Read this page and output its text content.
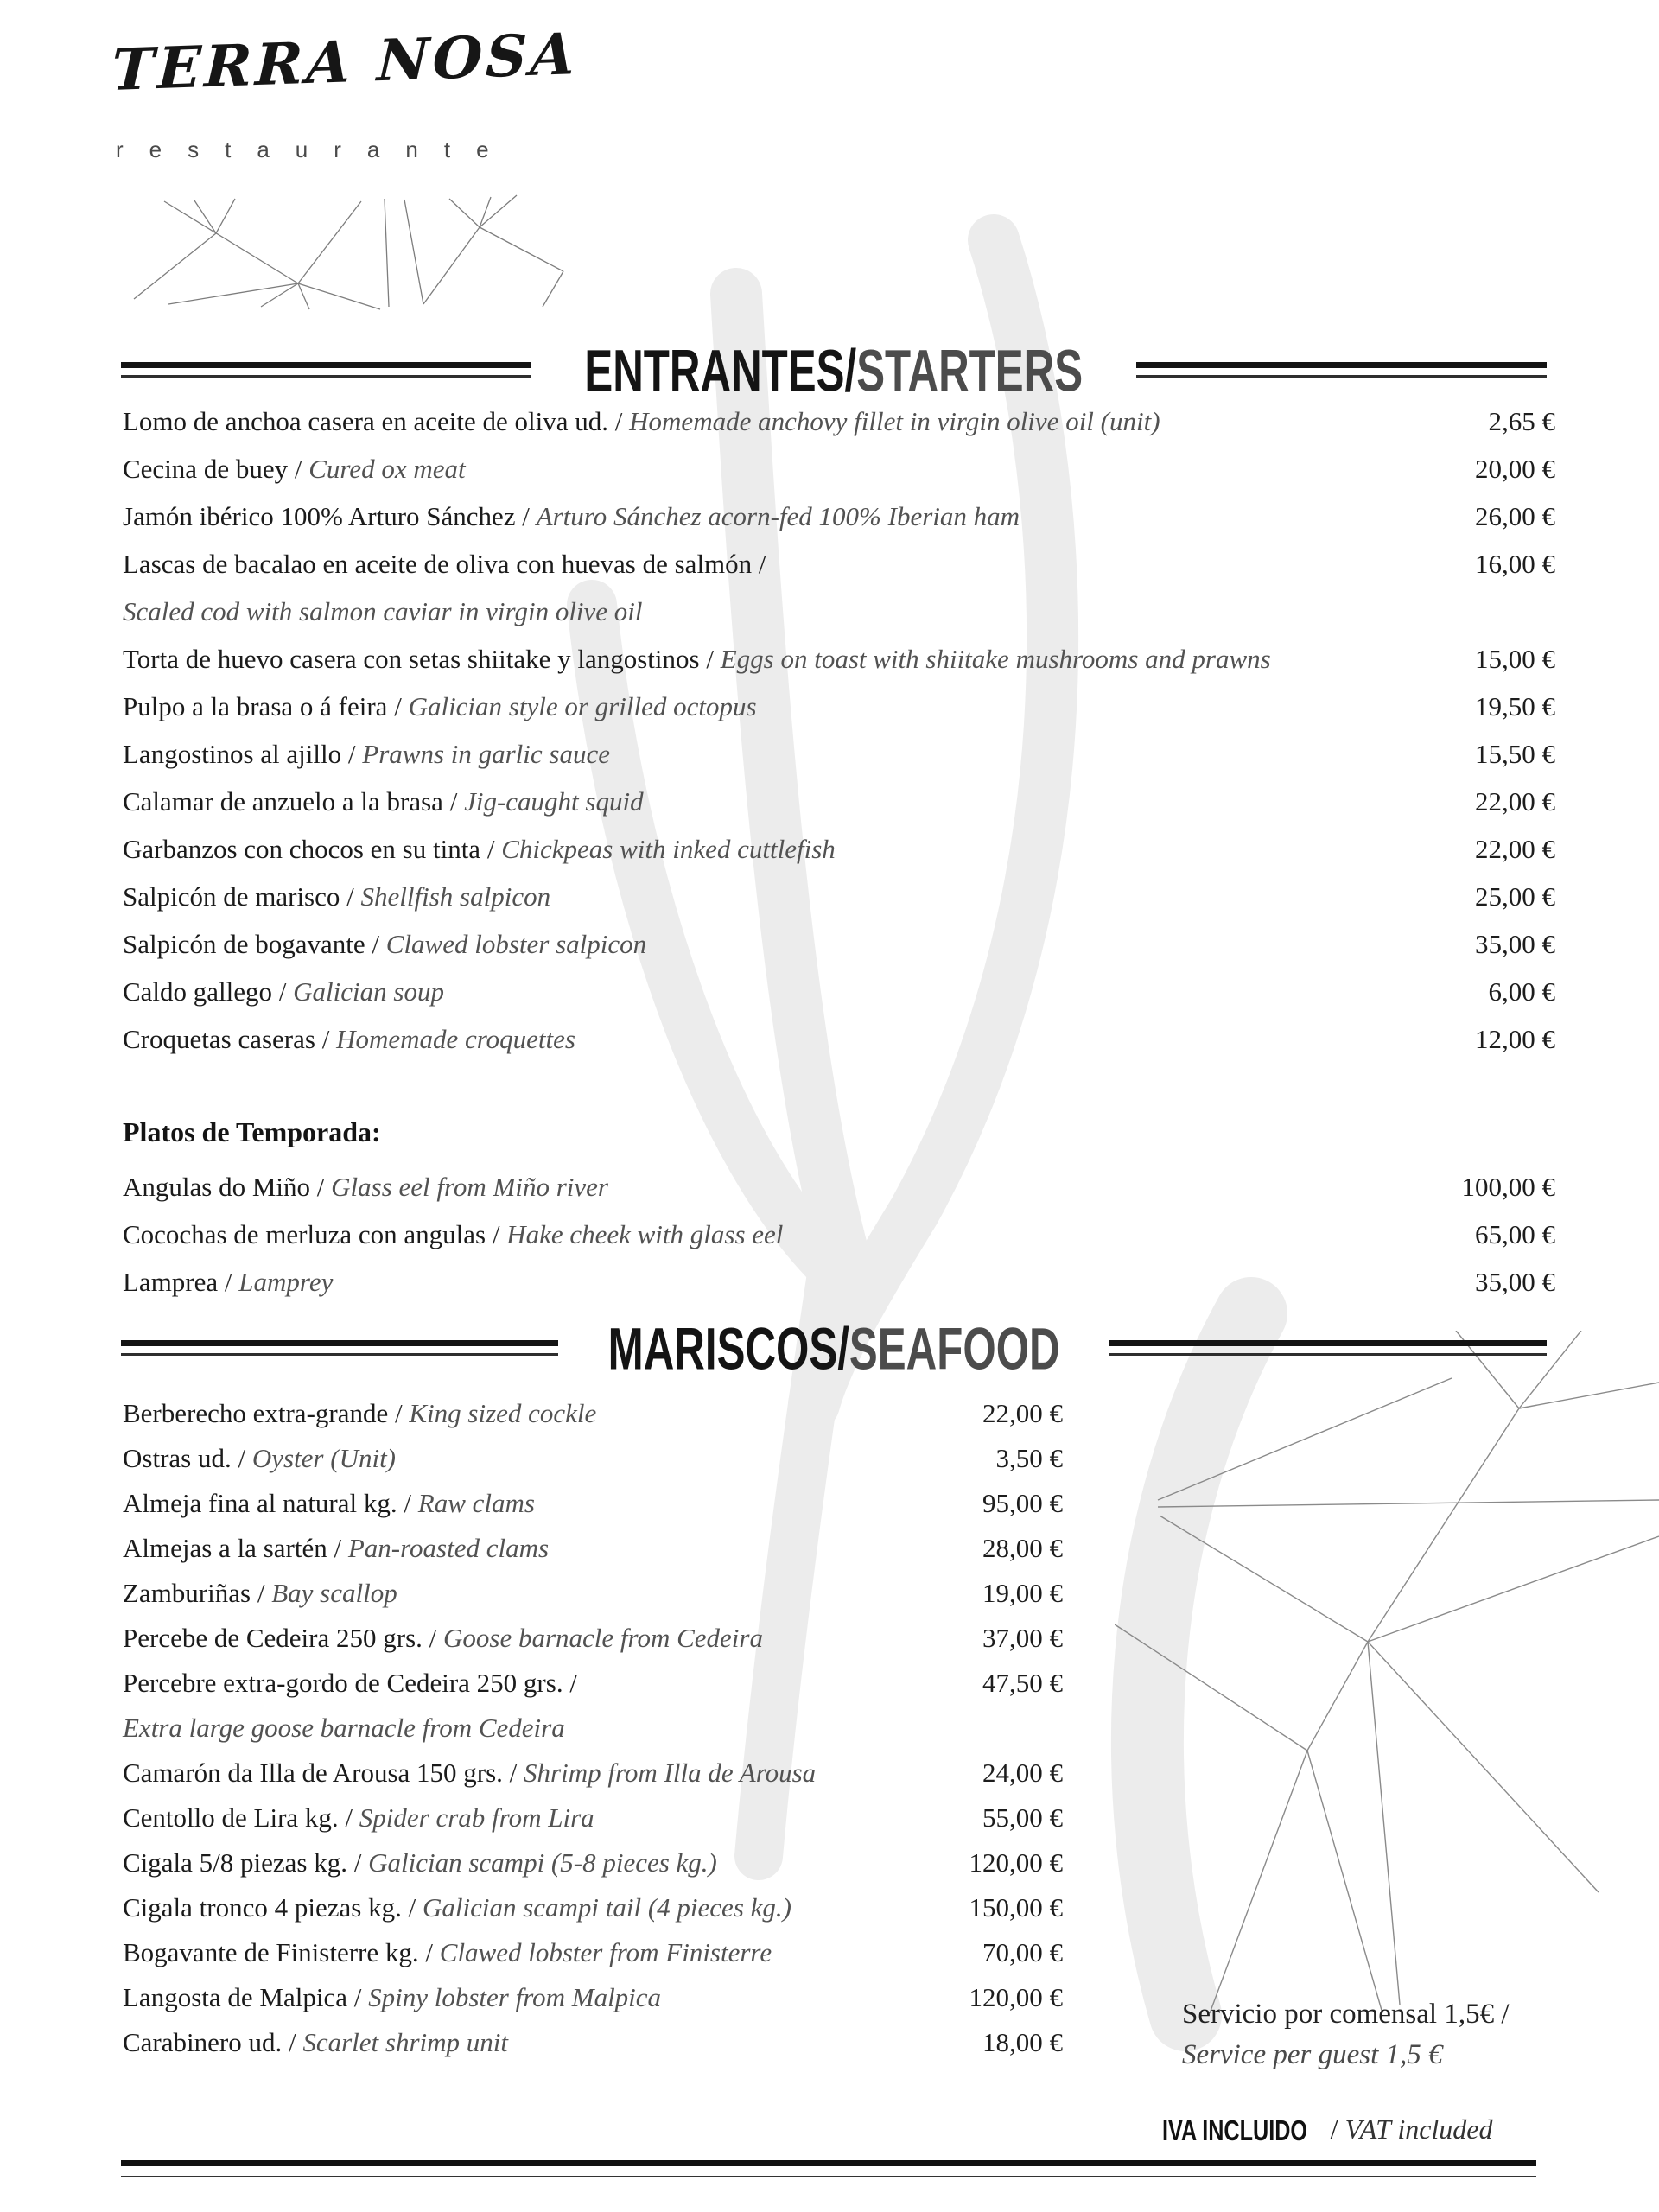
TERRA NOSA
restaurante
ENTRANTES/STARTERS
Lomo de anchoa casera en aceite de oliva ud. / Homemade anchovy fillet in virgin olive oil (unit)	2,65 €
Cecina de buey / Cured ox meat	20,00 €
Jamón ibérico 100% Arturo Sánchez / Arturo Sánchez acorn-fed 100% Iberian ham	26,00 €
Lascas de bacalao en aceite de oliva con huevas de salmón /	16,00 €
Scaled cod with salmon caviar in virgin olive oil
Torta de huevo casera con setas shiitake y langostinos / Eggs on toast with shiitake mushrooms and prawns	15,00 €
Pulpo a la brasa o á feira / Galician style or grilled octopus	19,50 €
Langostinos al ajillo / Prawns in garlic sauce	15,50 €
Calamar de anzuelo a la brasa / Jig-caught squid	22,00 €
Garbanzos con chocos en su tinta / Chickpeas with inked cuttlefish	22,00 €
Salpicón de marisco / Shellfish salpicon	25,00 €
Salpicón de bogavante / Clawed lobster salpicon	35,00 €
Caldo gallego / Galician soup	6,00 €
Croquetas caseras / Homemade croquettes	12,00 €
Platos de Temporada:
Angulas do Miño / Glass eel from Miño river	100,00 €
Cocochas de merluza con angulas / Hake cheek with glass eel	65,00 €
Lamprea / Lamprey	35,00 €
MARISCOS/SEAFOOD
Berberecho extra-grande / King sized cockle	22,00 €
Ostras ud. / Oyster (Unit)	3,50 €
Almeja fina al natural kg. / Raw clams	95,00 €
Almejas a la sartén / Pan-roasted clams	28,00 €
Zamburiñas / Bay scallop	19,00 €
Percebe de Cedeira 250 grs. / Goose barnacle from Cedeira	37,00 €
Percebre extra-gordo de Cedeira 250 grs. /	47,50 €
Extra large goose barnacle from Cedeira
Camarón da Illa de Arousa 150 grs. / Shrimp from Illa de Arousa	24,00 €
Centollo de Lira kg. / Spider crab from Lira	55,00 €
Cigala 5/8 piezas kg. / Galician scampi (5-8 pieces kg.)	120,00 €
Cigala tronco 4 piezas kg. / Galician scampi tail (4 pieces kg.)	150,00 €
Bogavante de Finisterre kg. / Clawed lobster from Finisterre	70,00 €
Langosta de Malpica / Spiny lobster from Malpica	120,00 €
Carabinero ud. / Scarlet shrimp unit	18,00 €
Servicio por comensal 1,5€ /
Service per guest 1,5 €
IVA INCLUIDO / VAT included
